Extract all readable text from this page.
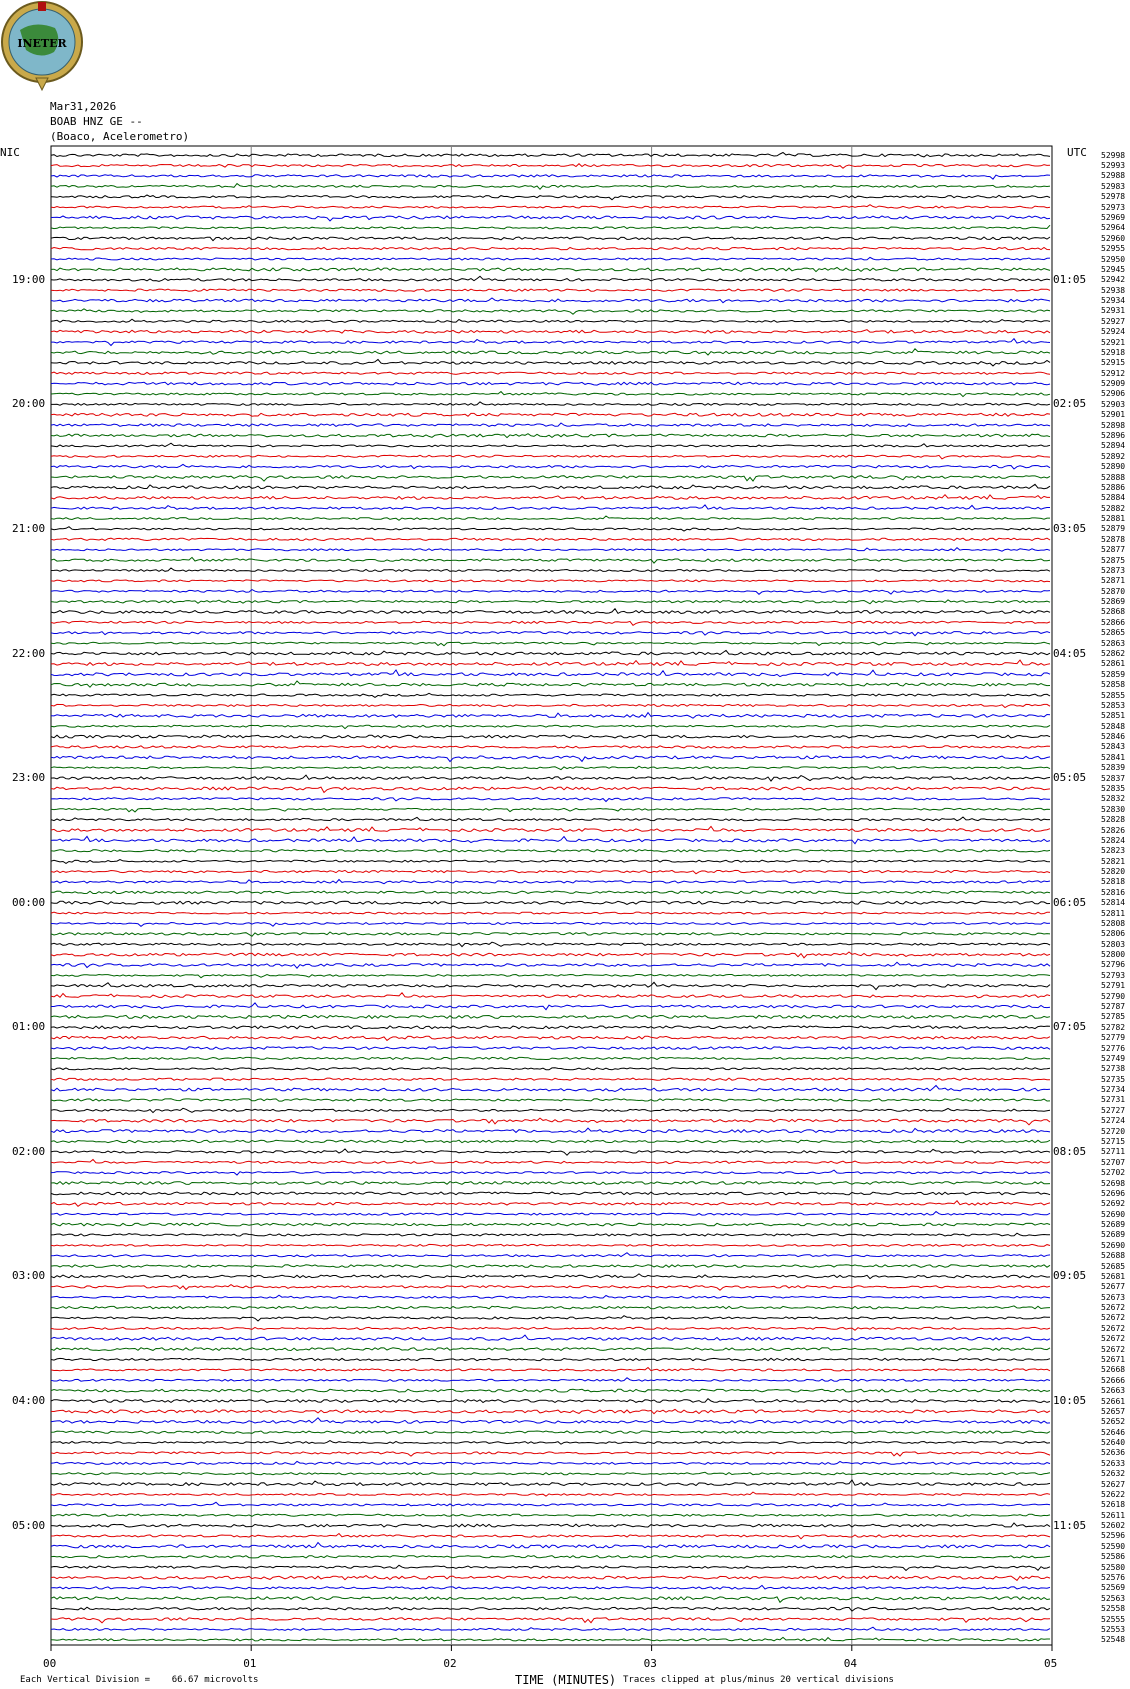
INETER
Mar31,2026
BOAB HNZ GE --
(Boaco, Acelerometro)
NIC	UTC
00	01	02	03	04	05
52998
52993
52988
52983
52978
52973
52969
52964
52960
52955
52950
52945
52942
52938
52934
52931
52927
52924
52921
52918
52915
52912
52909
52906
52903
52901
52898
52896
52894
52892
52890
52888
52886
52884
52882
52881
52879
52878
52877
52875
52873
52871
52870
52869
52868
52866
52865
52863
52862
52861
52859
52858
52855
52853
52851
52848
52846
52843
52841
52839
52837
52835
52832
52830
52828
52826
52824
52823
52821
52820
52818
52816
52814
52811
52808
52806
52803
52800
52796
52793
52791
52790
52787
52785
52782
52779
52776
52749
52738
52735
52734
52731
52727
52724
52720
52715
52711
52707
52702
52698
52696
52692
52690
52689
52689
52690
52688
52685
52681
52677
52673
52672
52672
52672
52672
52672
52671
52668
52666
52663
52661
52657
52652
52646
52640
52636
52633
52632
52627
52622
52618
52611
52602
52596
52590
52586
52580
52576
52569
52563
52558
52555
52553
52548
19:00	01:05
20:00	02:05
21:00	03:05
22:00	04:05
23:00	05:05
00:00	06:05
01:00	07:05
02:00	08:05
03:00	09:05
04:00	10:05
05:00	11:05
TIME (MINUTES)
Each Vertical Division =    66.67 microvolts	Traces clipped at plus/minus 20 vertical divisions
